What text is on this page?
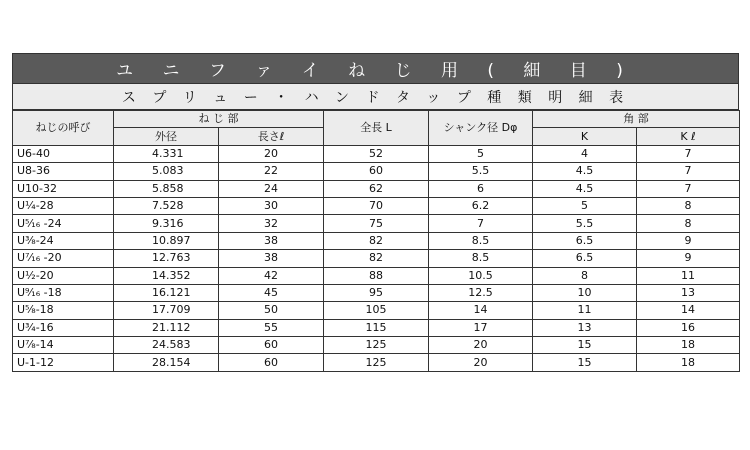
ユ ニ フ ァ イ ね じ 用 ( 細 目 )
ス プ リ ュ ー ・ ハ ン ド タ ッ プ 種 類 明 細 表
ねじの呼び	ね じ 部		全長 L	シャンク径 Dφ	角 部	
	外径	長さℓ			K	K ℓ
U6-40	4.331	20	52	5	4	7
U8-36	5.083	22	60	5.5	4.5	7
U10-32	5.858	24	62	6	4.5	7
U¹⁄₄-28	7.528	30	70	6.2	5	8
U⁵⁄₁₆ -24	9.316	32	75	7	5.5	8
U³⁄₈-24	10.897	38	82	8.5	6.5	9
U⁷⁄₁₆ -20	12.763	38	82	8.5	6.5	9
U¹⁄₂-20	14.352	42	88	10.5	8	11
U⁹⁄₁₆ -18	16.121	45	95	12.5	10	13
U⁵⁄₈-18	17.709	50	105	14	11	14
U³⁄₄-16	21.112	55	115	17	13	16
U⁷⁄₈-14	24.583	60	125	20	15	18
U-1-12	28.154	60	125	20	15	18
